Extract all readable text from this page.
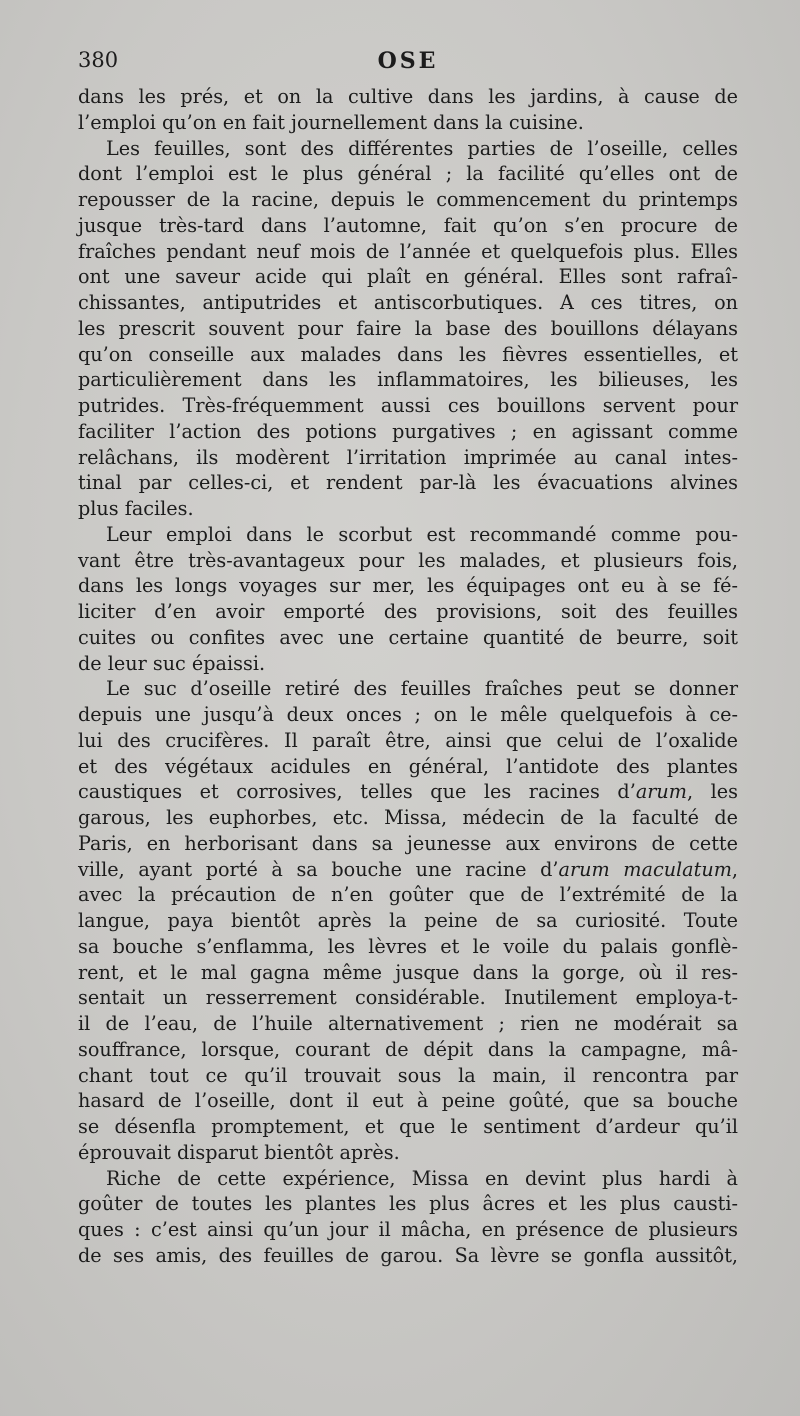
380	OSE

dans les prés, et on la cultive dans les jardins, à cause de
l’emploi qu’on en fait journellement dans la cuisine.

Les feuilles, sont des différentes parties de l’oseille, celles
dont l’emploi est le plus général ; la facilité qu’elles ont de
repousser de la racine, depuis le commencement du printemps
jusque très-tard dans l’automne, fait qu’on s’en procure de
fraîches pendant neuf mois de l’année et quelquefois plus. Elles
ont une saveur acide qui plaît en général. Elles sont rafraî-
chissantes, antiputrides et antiscorbutiques. A ces titres, on
les prescrit souvent pour faire la base des bouillons délayans
qu’on conseille aux malades dans les fièvres essentielles, et
particulièrement dans les inflammatoires, les bilieuses, les
putrides. Très-fréquemment aussi ces bouillons servent pour
faciliter l’action des potions purgatives ; en agissant comme
relâchans, ils modèrent l’irritation imprimée au canal intes-
tinal par celles-ci, et rendent par-là les évacuations alvines
plus faciles.

Leur emploi dans le scorbut est recommandé comme pou-
vant être très-avantageux pour les malades, et plusieurs fois,
dans les longs voyages sur mer, les équipages ont eu à se fé-
liciter d’en avoir emporté des provisions, soit des feuilles
cuites ou confites avec une certaine quantité de beurre, soit
de leur suc épaissi.

Le suc d’oseille retiré des feuilles fraîches peut se donner
depuis une jusqu’à deux onces ; on le mêle quelquefois à ce-
lui des crucifères. Il paraît être, ainsi que celui de l’oxalide
et des végétaux acidules en général, l’antidote des plantes
caustiques et corrosives, telles que les racines d’arum, les
garous, les euphorbes, etc. Missa, médecin de la faculté de
Paris, en herborisant dans sa jeunesse aux environs de cette
ville, ayant porté à sa bouche une racine d’arum maculatum,
avec la précaution de n’en goûter que de l’extrémité de la
langue, paya bientôt après la peine de sa curiosité. Toute
sa bouche s’enflamma, les lèvres et le voile du palais gonflè-
rent, et le mal gagna même jusque dans la gorge, où il res-
sentait un resserrement considérable. Inutilement employa-t-
il de l’eau, de l’huile alternativement ; rien ne modérait sa
souffrance, lorsque, courant de dépit dans la campagne, mâ-
chant tout ce qu’il trouvait sous la main, il rencontra par
hasard de l’oseille, dont il eut à peine goûté, que sa bouche
se désenfla promptement, et que le sentiment d’ardeur qu’il
éprouvait disparut bientôt après.

Riche de cette expérience, Missa en devint plus hardi à
goûter de toutes les plantes les plus âcres et les plus causti-
ques : c’est ainsi qu’un jour il mâcha, en présence de plusieurs
de ses amis, des feuilles de garou. Sa lèvre se gonfla aussitôt,
